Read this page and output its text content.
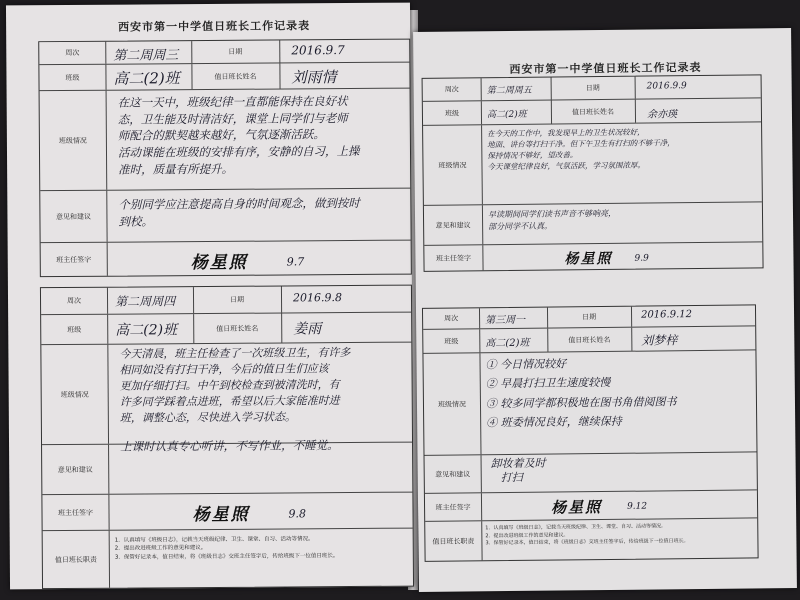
西安市第一中学值日班长工作记录表
周次	第二周周三	日期	2016.9.7
班级	高二(2)班	值日班长姓名	刘雨情
班级情况
在这一天中，班级纪律一直都能保持在良好状
态，卫生能及时清洁好，课堂上同学们与老师
师配合的默契越来越好，气氛逐渐活跃。
活动课能在班级的安排有序，安静的自习，上操
准时，质量有所提升。
意见和建议
个别同学应注意提高自身的时间观念，做到按时
到校。
班主任签字	杨星照	9.7
周次	第二周周四	日期	2016.9.8
班级	高二(2)班	值日班长姓名	姜雨
班级情况
今天清晨，班主任检查了一次班级卫生，有许多
相同如没有打扫干净，今后的值日生们应该
更加仔细打扫。中午到校检查到被清洗时，有
许多同学踩着点进班，希望以后大家能准时进
班，调整心态，尽快进入学习状态。
意见和建议
上课时认真专心听讲，不写作业，不睡觉。
班主任签字	杨星照	9.8
值日班长职责
1．认真填写《班级日志》，记载当天班级纪律、卫生、课堂、自习、活动等情况。
2．提出改进班级工作的意见和建议。
3．保管好记录本，值日结束，将《班级日志》交班主任签字后，传给班级下一位值日班长。
西安市第一中学值日班长工作记录表
周次	第二周周五	日期	2016.9.9
班级	高二(2)班	值日班长姓名	余亦瑛
班级情况
在今天的工作中，我发现早上的卫生状况较好，
地面、讲台等打扫干净。但下午卫生有打扫的不够干净，
保持情况不够好，望改善。
今天课堂纪律良好，气氛活跃，学习氛围浓厚。
意见和建议
早读期间同学们读书声音不够响亮，
部分同学不认真。
班主任签字	杨星照 9.9
周次	第三周一	日期	2016.9.12
班级	高二(2)班	值日班长姓名	刘梦梓
班级情况
① 今日情况较好
② 早晨打扫卫生速度较慢
③ 较多同学都积极地在图书角借阅图书
④ 班委情况良好，继续保持
意见和建议
卸妆着及时
打扫
班主任签字	杨星照	9.12
值日班长职责
1．认真填写《班级日志》，记载当天班级纪律、卫生、课堂、自习、活动等情况。
2．提出改进班级工作的意见和建议。
3．保管好记录本，值日结束，将《班级日志》交班主任签字后，传给班级下一位值日班长。
